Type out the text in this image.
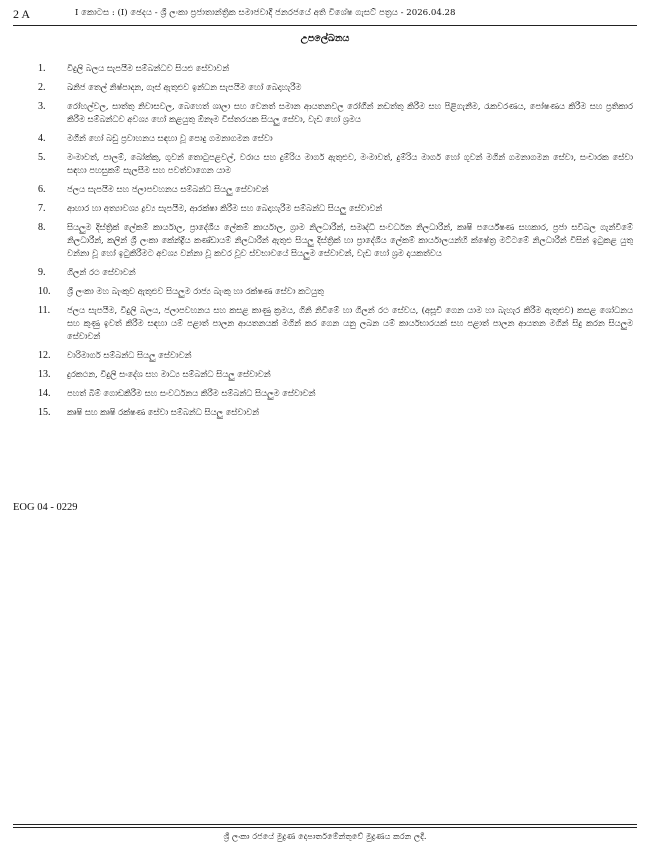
2 A	I කොටස : (I) ඡෙදය - ශ්‍රී ලංකා ප්‍රජාතාන්ත්‍රික සමාජවාදී ජනරජයේ අති විශේෂ ගැසට් පත්‍රය - 2026.04.28
උපලේඛනය
1.	විදුලි බලය සැපයීම සම්බන්ධව සියළු සේවාවන්
2.	ඛනිජ තෙල් නිෂ්පාදන, ගෑස් ඇතුළුව ඉන්ධන සැපයීම හෝ බෙදාහැරීම
3.	රෝහල්වල, සාත්තු නිවාසවල, බෙහෙත් ශාලා සහ වෙනත් සමාන ආයතනවල රෝගීන් නඩත්තු කිරීම සහ පිළිගැනීම, රැකවරණය, පෝෂණය කිරීම සහ ප්‍රතිකාර කිරීම සම්බන්ධව අවශ්‍ය හෝ කළයුතු ඕනෑම විස්තරයක සියලු සේවා, වැඩ හෝ ශ්‍රමය
4.	මගීන් හෝ බඩු ප්‍රවාහනය සඳහා වූ පොදු ගමනාගමන සේවා
5.	මංමාවත්, පාලම්, බෝක්කු, ගුවන් තොටුපළවල්, වරාය සහ දුම්රිය මාර්ග ඇතුළුව, මංමාවත්, දුම්රිය මාර්ග හෝ ගුවන් මගින් ගමනාගමන සේවා, සංචාරක සේවා සඳහා පහසුකම් සැලසීම සහ පවත්වාගෙන යාම
6.	ජලය සැපයීම සහ ජලාපවහනය සම්බන්ධ සියලු සේවාවන්
7.	ආහාර හා අත්‍යාවශ්‍ය ද්‍රව්‍ය සැපයීම, ආරක්ෂා කිරීම සහ බෙදාහැරීම සම්බන්ධ සියලු සේවාවන්
8.	සියලුම දිස්ත්‍රික් ලේකම් කාර්යාල, ප්‍රාදේශීය ලේකම් කාර්යාල, ග්‍රාම නිලධාරීන්, සමෘද්ධි සංවර්ධන නිලධාරීන්, කෘෂි පර්යේෂණ සහකාර, ප්‍රජා සවිබල ගැන්වීමේ නිලධාරීන්, කලින් ශ්‍රී ලංකා කේන්ද්‍රීය කණ්ඩායම් නිලධාරීන් ඇතුළු සියලු දිස්ත්‍රික් හා ප්‍රාදේශීය ලේකම් කාර්යාලයන්හි ක්ෂේත්‍ර මට්ටමේ නිලධාරීන් විසින් ඉටුකළ යුතු වන්නා වූ හෝ ඉටුකිරීමට අවශ්‍ය වන්නා වූ කවර වූව ස්වභාවයේ සියලුම සේවාවන්, වැඩ හෝ ශ්‍රම දායකත්වය
9.	ගිලන් රථ සේවාවන්
10.	ශ්‍රී ලංකා මහ බැංකුව ඇතුළුව සියලුම රාජ්‍ය බැංකු හා රක්ෂණ සේවා කටයුතු
11.	ජලය සැපයීම, විදුලි බලය, ජලාපවහනය සහ කසළ කාණු ක්‍රමය, ගිනි නිවීමේ හා ගිලන් රථ සේවය, (අසූචි ගෙන යාම හා බැහැර කිරීම ඇතුළුව) කසළ ශෝධනය සහ කුණු ඉවත් කිරීම සඳහා යම් පළාත් පාලන ආයතනයක් මගින් කර ගෙන යනු ලබන යම් කාර්යභාරයක් සහ පළාත් පාලන ආයතන මගින් සිදු කරන සියලුම සේවාවන්
12.	වාරිමාර්ග සම්බන්ධ සියලු සේවාවන්
13.	දුරකථන, විදුලි සංදේශ සහ මාධ්‍ය සම්බන්ධ සියලු සේවාවන්
14.	පහත් බිම් ගොඩකිරීම සහ සංවර්ධනය කිරීම සම්බන්ධ සියලුම සේවාවන්
15.	කෘෂි සහ කෘෂි රක්ෂණ සේවා සම්බන්ධ සියලු සේවාවන්
EOG 04 - 0229
ශ්‍රී ලංකා රජයේ මුද්‍රණ දෙපාර්තමේන්තුවේ මුද්‍රණය කරන ලදී.
